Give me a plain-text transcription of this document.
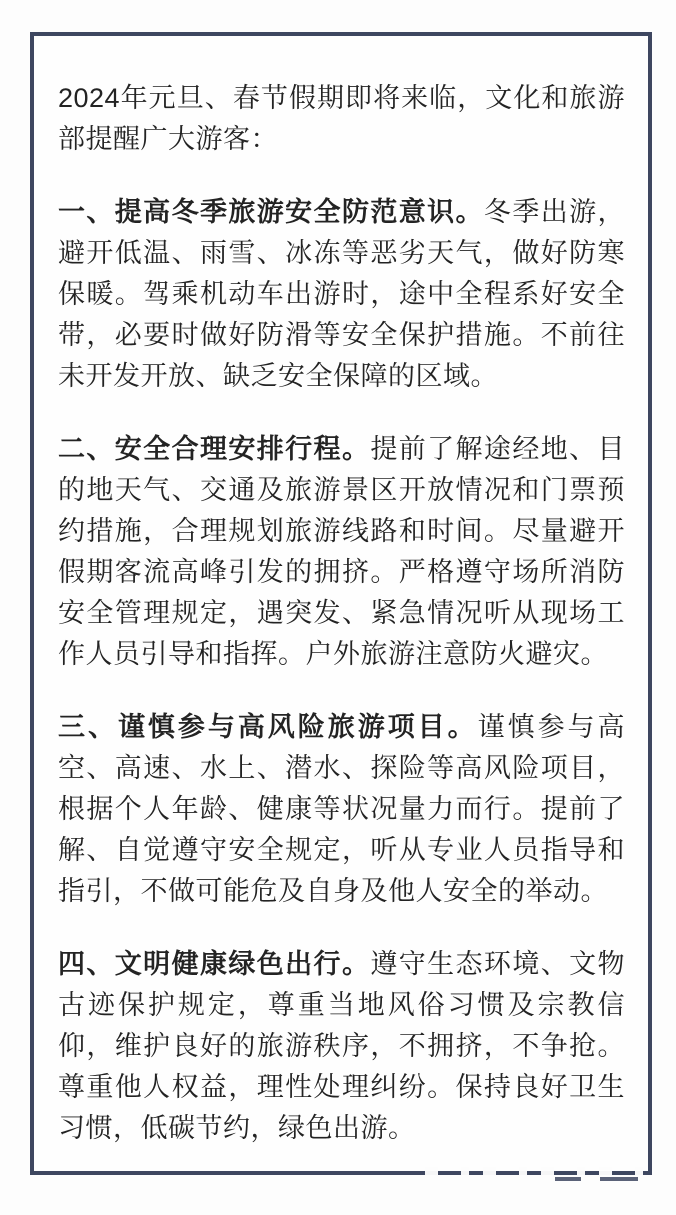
2024年元旦、春节假期即将来临，文化和旅游部提醒广大游客：

一、提高冬季旅游安全防范意识。冬季出游，避开低温、雨雪、冰冻等恶劣天气，做好防寒保暖。驾乘机动车出游时，途中全程系好安全带，必要时做好防滑等安全保护措施。不前往未开发开放、缺乏安全保障的区域。

二、安全合理安排行程。提前了解途经地、目的地天气、交通及旅游景区开放情况和门票预约措施，合理规划旅游线路和时间。尽量避开假期客流高峰引发的拥挤。严格遵守场所消防安全管理规定，遇突发、紧急情况听从现场工作人员引导和指挥。户外旅游注意防火避灾。

三、谨慎参与高风险旅游项目。谨慎参与高空、高速、水上、潜水、探险等高风险项目，根据个人年龄、健康等状况量力而行。提前了解、自觉遵守安全规定，听从专业人员指导和指引，不做可能危及自身及他人安全的举动。

四、文明健康绿色出行。遵守生态环境、文物古迹保护规定，尊重当地风俗习惯及宗教信仰，维护良好的旅游秩序，不拥挤，不争抢。尊重他人权益，理性处理纠纷。保持良好卫生习惯，低碳节约，绿色出游。
